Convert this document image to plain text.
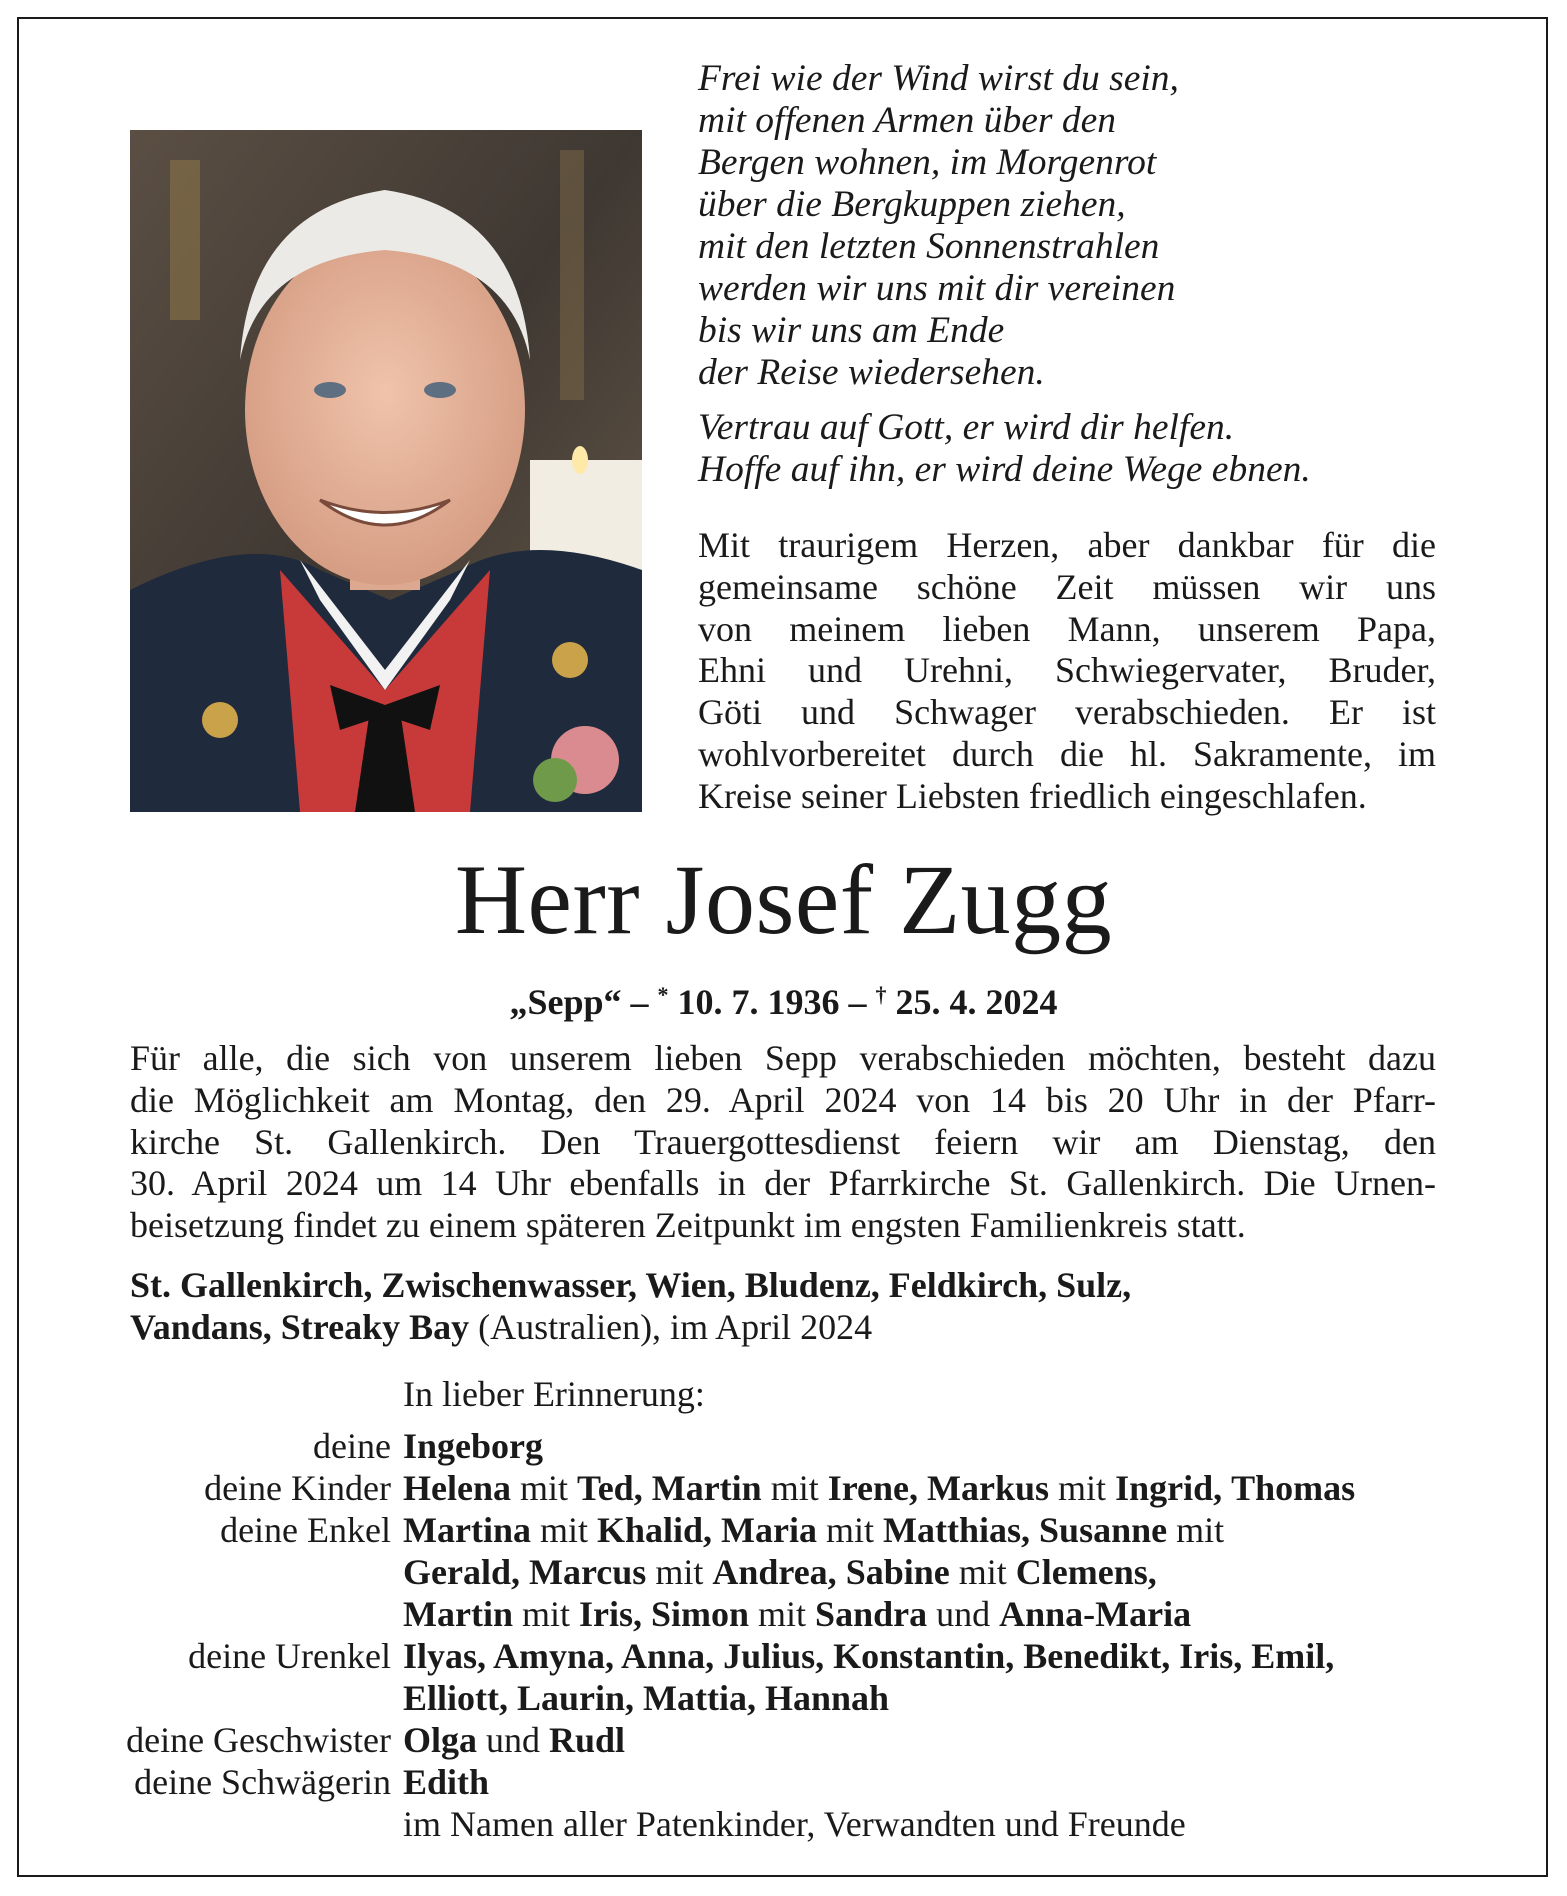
Frei wie der Wind wirst du sein,
mit offenen Armen über den
Bergen wohnen, im Morgenrot
über die Bergkuppen ziehen,
mit den letzten Sonnenstrahlen
werden wir uns mit dir vereinen
bis wir uns am Ende
der Reise wiedersehen.
Vertrau auf Gott, er wird dir helfen.
Hoffe auf ihn, er wird deine Wege ebnen.
Mit traurigem Herzen, aber dankbar für die
gemeinsame schöne Zeit müssen wir uns
von meinem lieben Mann, unserem Papa,
Ehni und Urehni, Schwiegervater, Bruder,
Göti und Schwager verabschieden. Er ist
wohlvorbereitet durch die hl. Sakramente, im
Kreise seiner Liebsten friedlich eingeschlafen.
Herr Josef Zugg
„Sepp“ – * 10. 7. 1936 – † 25. 4. 2024
Für alle, die sich von unserem lieben Sepp verabschieden möchten, besteht dazu
die Möglichkeit am Montag, den 29. April 2024 von 14 bis 20 Uhr in der Pfarr-
kirche St. Gallenkirch. Den Trauergottesdienst feiern wir am Dienstag, den
30. April 2024 um 14 Uhr ebenfalls in der Pfarrkirche St. Gallenkirch. Die Urnen-
beisetzung findet zu einem späteren Zeitpunkt im engsten Familienkreis statt.
St. Gallenkirch, Zwischenwasser, Wien, Bludenz, Feldkirch, Sulz,
Vandans, Streaky Bay (Australien), im April 2024
In lieber Erinnerung:
deine Ingeborg
deine Kinder Helena mit Ted, Martin mit Irene, Markus mit Ingrid, Thomas
deine Enkel Martina mit Khalid, Maria mit Matthias, Susanne mit
Gerald, Marcus mit Andrea, Sabine mit Clemens,
Martin mit Iris, Simon mit Sandra und Anna-Maria
deine Urenkel Ilyas, Amyna, Anna, Julius, Konstantin, Benedikt, Iris, Emil,
Elliott, Laurin, Mattia, Hannah
deine Geschwister Olga und Rudl
deine Schwägerin Edith
im Namen aller Patenkinder, Verwandten und Freunde
